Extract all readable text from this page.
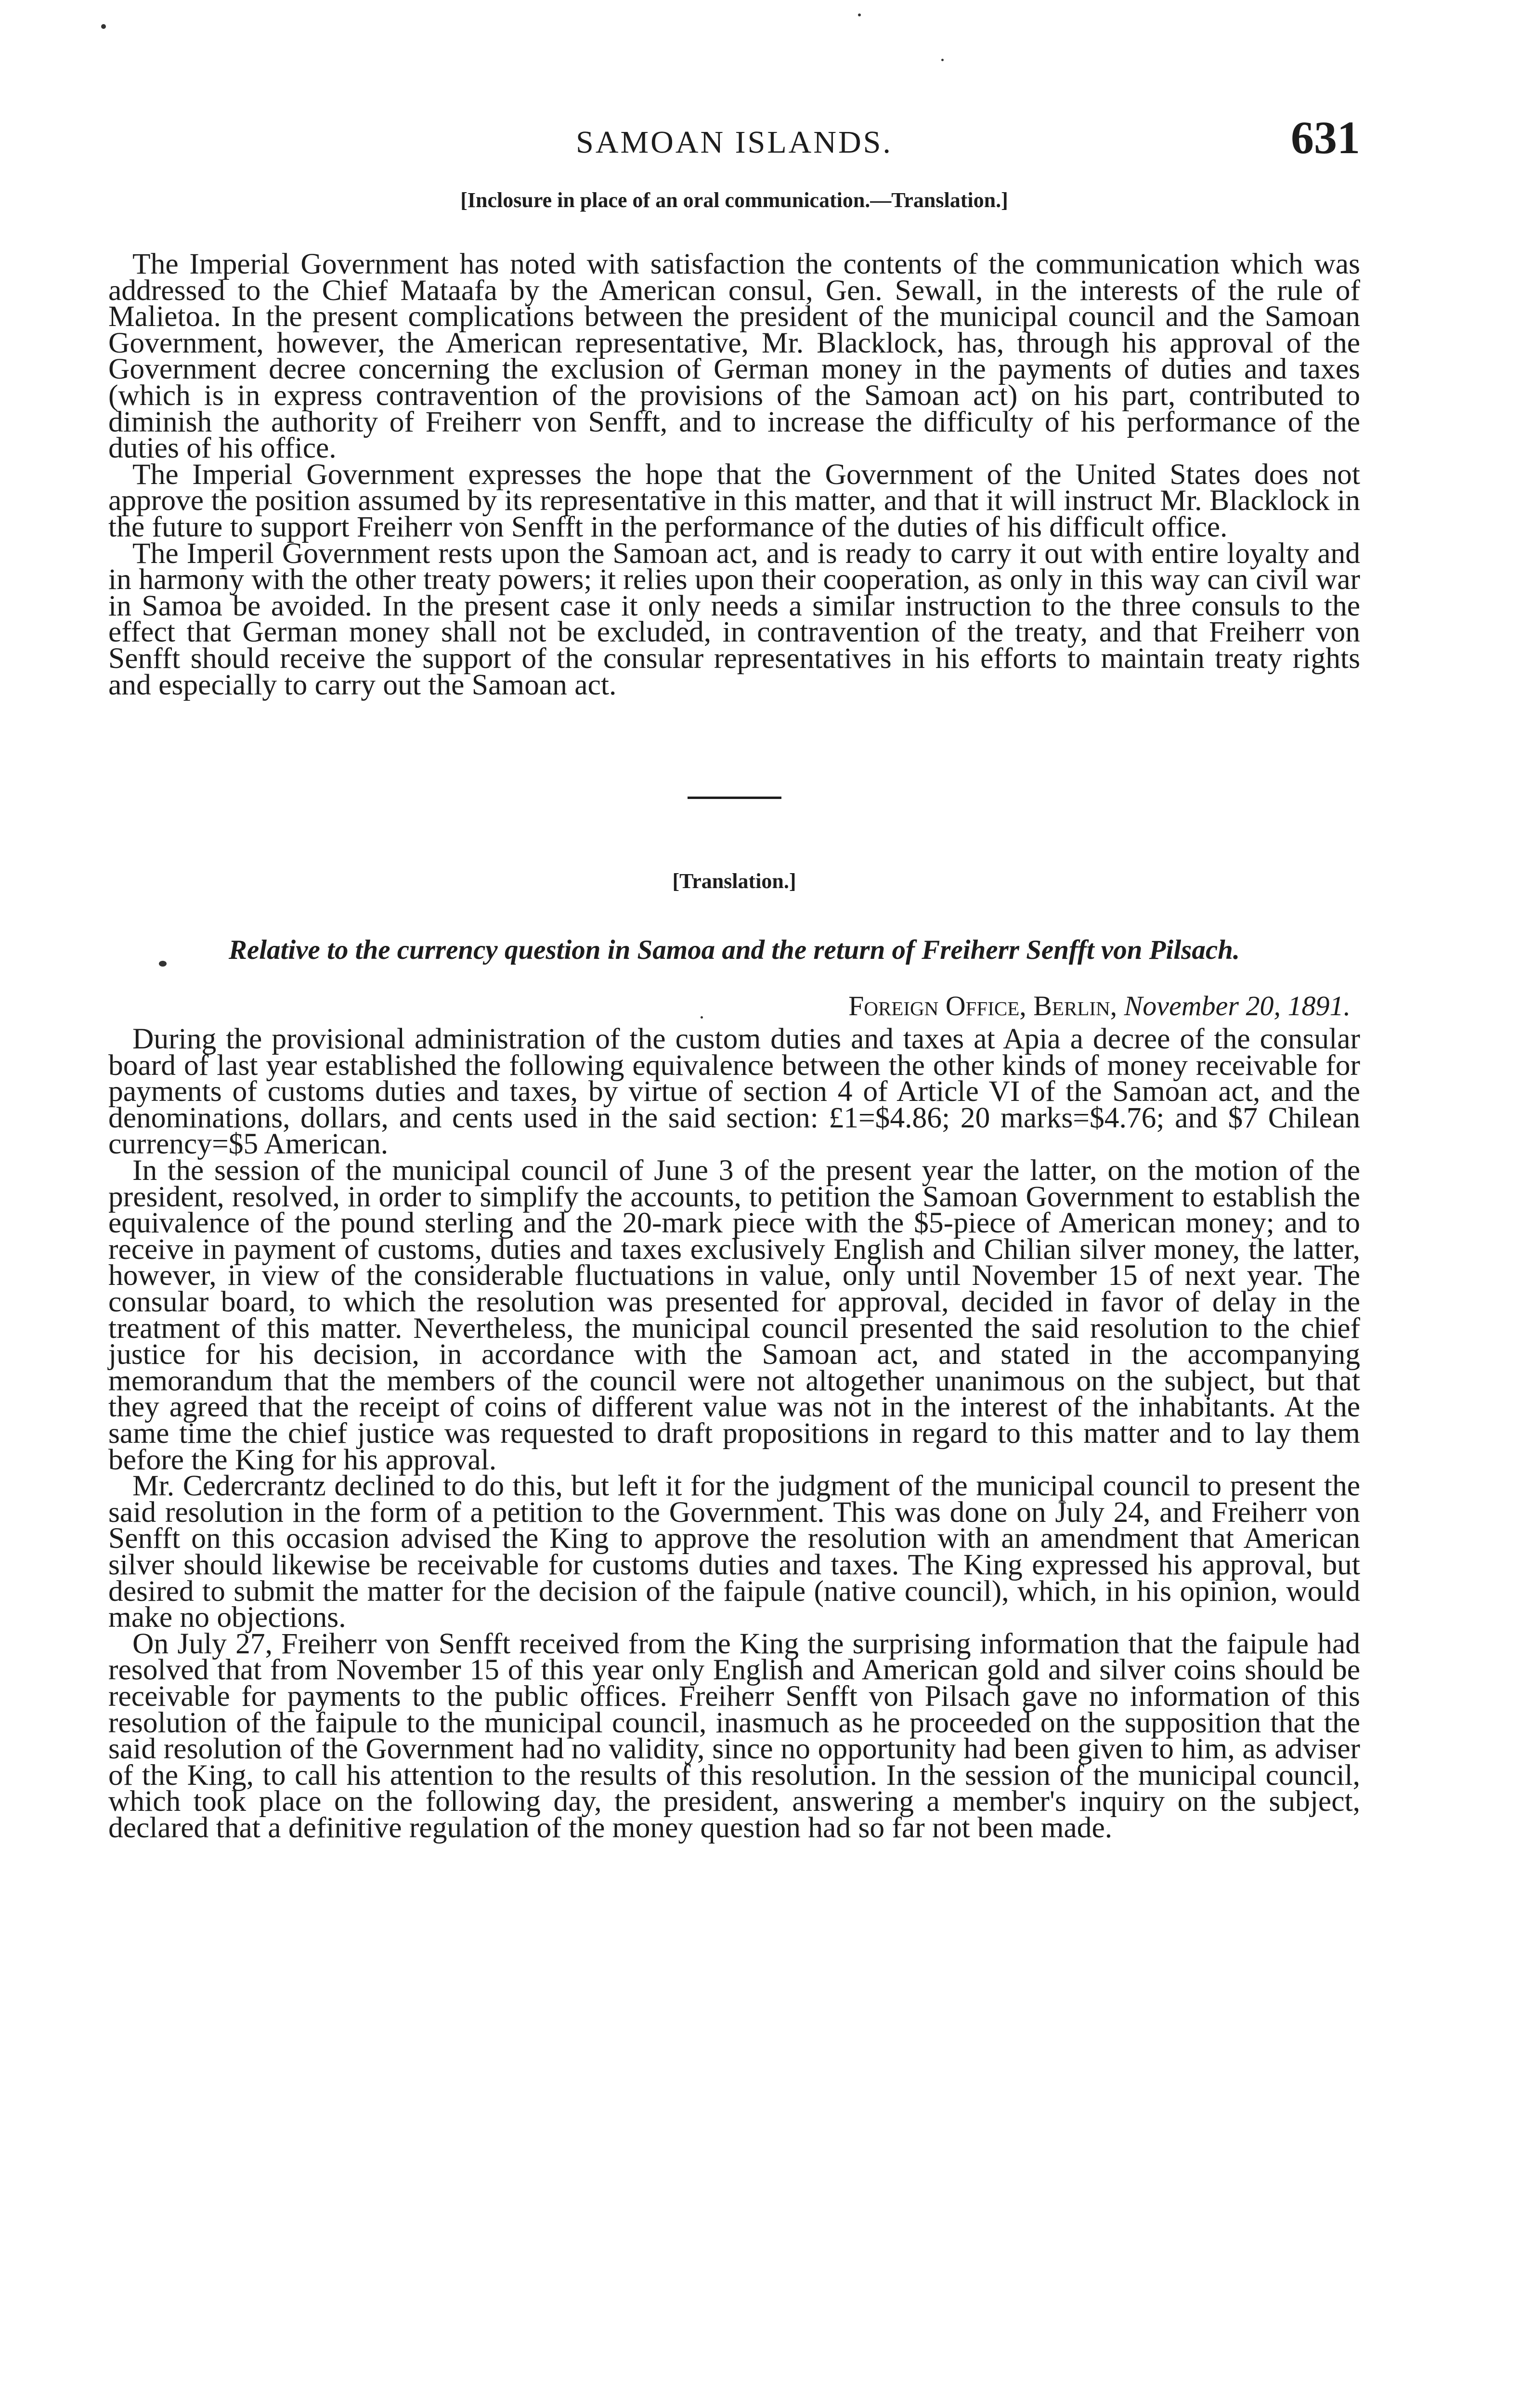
SAMOAN ISLANDS.	631
[Inclosure in place of an oral communication.—Translation.]

The Imperial Government has noted with satisfaction the contents of the communication which was addressed to the Chief Mataafa by the American consul, Gen. Sewall, in the interests of the rule of Malietoa. In the present complications between the president of the municipal council and the Samoan Government, however, the American representative, Mr. Blacklock, has, through his approval of the Government decree concerning the exclusion of German money in the payments of duties and taxes (which is in express contravention of the provisions of the Samoan act) on his part, contributed to diminish the authority of Freiherr von Senfft, and to increase the difficulty of his performance of the duties of his office.

The Imperial Government expresses the hope that the Government of the United States does not approve the position assumed by its representative in this matter, and that it will instruct Mr. Blacklock in the future to support Freiherr von Senfft in the performance of the duties of his difficult office.

The Imperil Government rests upon the Samoan act, and is ready to carry it out with entire loyalty and in harmony with the other treaty powers; it relies upon their cooperation, as only in this way can civil war in Samoa be avoided. In the present case it only needs a similar instruction to the three consuls to the effect that German money shall not be excluded, in contravention of the treaty, and that Freiherr von Senfft should receive the support of the consular representatives in his efforts to maintain treaty rights and especially to carry out the Samoan act.

[Translation.]
Relative to the currency question in Samoa and the return of Freiherr Senfft von Pilsach.
Foreign Office, Berlin, November 20, 1891.

During the provisional administration of the custom duties and taxes at Apia a decree of the consular board of last year established the following equivalence between the other kinds of money receivable for payments of customs duties and taxes, by virtue of section 4 of Article VI of the Samoan act, and the denominations, dollars, and cents used in the said section: £1=$4.86; 20 marks=$4.76; and $7 Chilean currency=$5 American.

In the session of the municipal council of June 3 of the present year the latter, on the motion of the president, resolved, in order to simplify the accounts, to petition the Samoan Government to establish the equivalence of the pound sterling and the 20-mark piece with the $5-piece of American money; and to receive in payment of customs, duties and taxes exclusively English and Chilian silver money, the latter, however, in view of the considerable fluctuations in value, only until November 15 of next year. The consular board, to which the resolution was presented for approval, decided in favor of delay in the treatment of this matter. Nevertheless, the municipal council presented the said resolution to the chief justice for his decision, in accordance with the Samoan act, and stated in the accompanying memorandum that the members of the council were not altogether unanimous on the subject, but that they agreed that the receipt of coins of different value was not in the interest of the inhabitants. At the same time the chief justice was requested to draft propositions in regard to this matter and to lay them before the King for his approval.

Mr. Cedercrantz declined to do this, but left it for the judgment of the municipal council to present the said resolution in the form of a petition to the Government. This was done on July 24, and Freiherr von Senfft on this occasion advised the King to approve the resolution with an amendment that American silver should likewise be receivable for customs duties and taxes. The King expressed his approval, but desired to submit the matter for the decision of the faipule (native council), which, in his opinion, would make no objections.

On July 27, Freiherr von Senfft received from the King the surprising information that the faipule had resolved that from November 15 of this year only English and American gold and silver coins should be receivable for payments to the public offices. Freiherr Senfft von Pilsach gave no information of this resolution of the faipule to the municipal council, inasmuch as he proceeded on the supposition that the said resolution of the Government had no validity, since no opportunity had been given to him, as adviser of the King, to call his attention to the results of this resolution. In the session of the municipal council, which took place on the following day, the president, answering a member's inquiry on the subject, declared that a definitive regulation of the money question had so far not been made.
